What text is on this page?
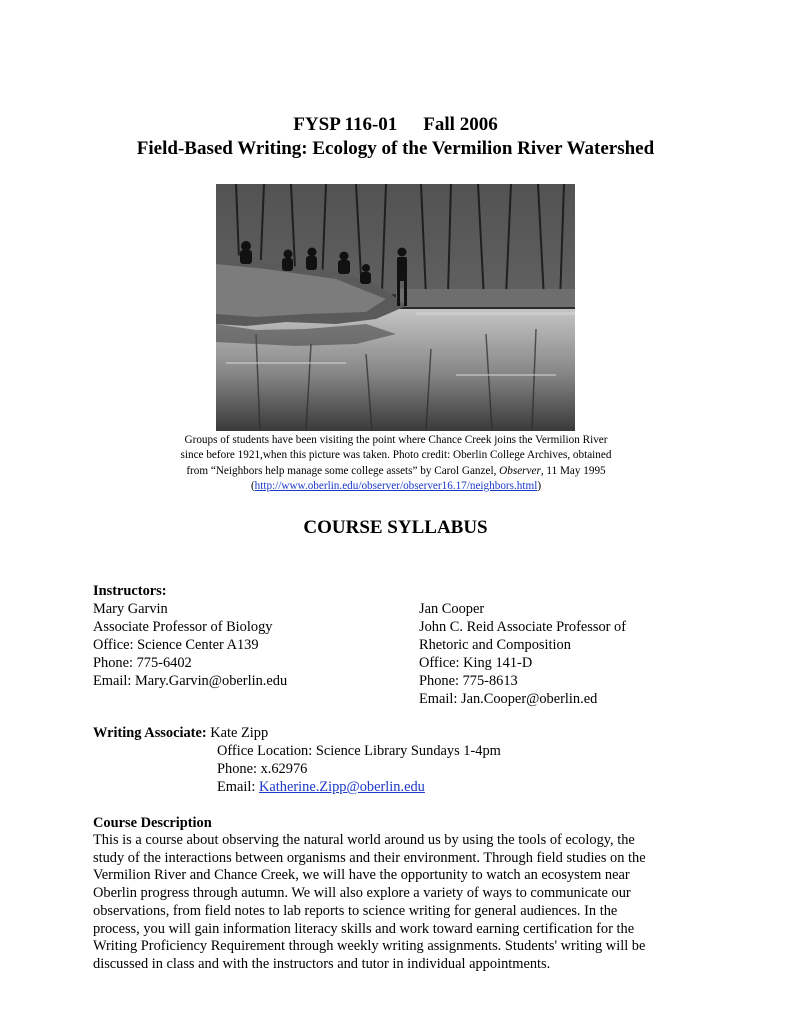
FYSP 116-01 Fall 2006
Field-Based Writing: Ecology of the Vermilion River Watershed
Groups of students have been visiting the point where Chance Creek joins the Vermilion River
since before 1921,when this picture was taken. Photo credit: Oberlin College Archives, obtained
from “Neighbors help manage some college assets” by Carol Ganzel, Observer, 11 May 1995
(http://www.oberlin.edu/observer/observer16.17/neighbors.html)
COURSE SYLLABUS
Instructors:
Mary Garvin
Associate Professor of Biology
Office: Science Center A139
Phone: 775-6402
Email: Mary.Garvin@oberlin.edu
Jan Cooper
John C. Reid Associate Professor of
Rhetoric and Composition
Office: King 141-D
Phone: 775-8613
Email: Jan.Cooper@oberlin.ed
Writing Associate: Kate Zipp
Office Location: Science Library Sundays 1-4pm
Phone: x.62976
Email: Katherine.Zipp@oberlin.edu
Course Description
This is a course about observing the natural world around us by using the tools of ecology, the
study of the interactions between organisms and their environment. Through field studies on the
Vermilion River and Chance Creek, we will have the opportunity to watch an ecosystem near
Oberlin progress through autumn. We will also explore a variety of ways to communicate our
observations, from field notes to lab reports to science writing for general audiences. In the
process, you will gain information literacy skills and work toward earning certification for the
Writing Proficiency Requirement through weekly writing assignments. Students' writing will be
discussed in class and with the instructors and tutor in individual appointments.
